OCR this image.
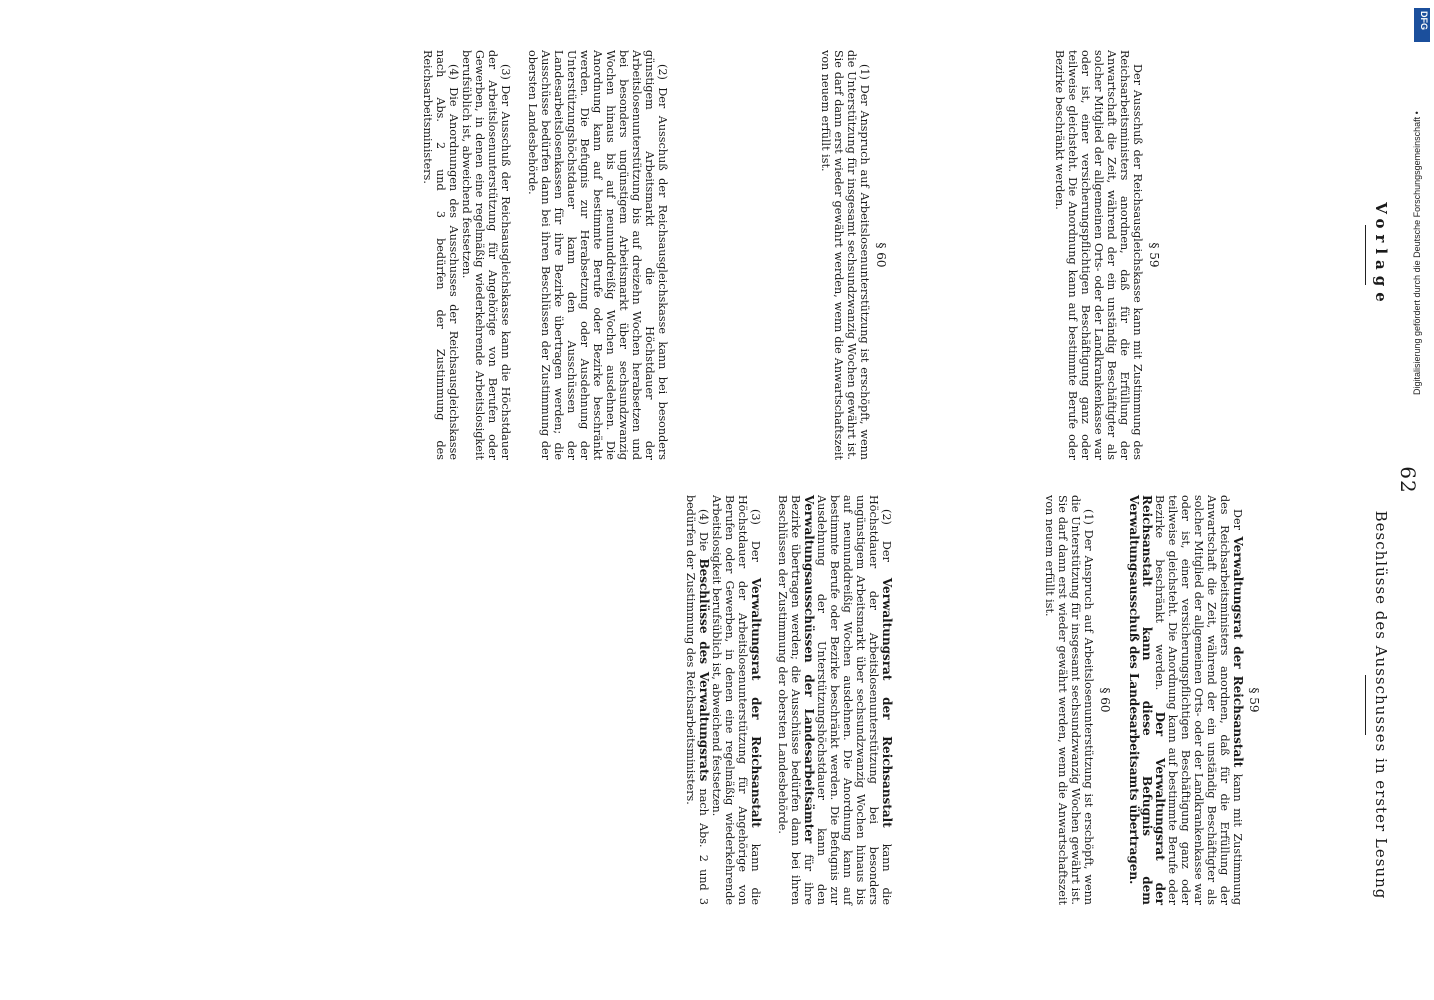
62
Vorlage
Beschlüsse des Ausschusses in erster Lesung

§ 59

Der Ausschuß der Reichsausgleichskasse kann mit Zustimmung des Reichsarbeitsministers anordnen, daß für die Erfüllung der Anwartschaft die Zeit, während der ein unständig Beschäftigter als solcher Mitglied der allgemeinen Orts- oder der Landkrankenkasse war oder ist, einer versicherungspflichtigen Beschäftigung ganz oder teilweise gleichsteht. Die Anordnung kann auf bestimmte Berufe oder Bezirke beschränkt werden.

§ 60

(1) Der Anspruch auf Arbeitslosenunterstützung ist erschöpft, wenn die Unterstützung für insgesamt sechsundzwanzig Wochen gewährt ist. Sie darf dann erst wieder gewährt werden, wenn die Anwartschaftszeit von neuem erfüllt ist.

(2) Der Ausschuß der Reichsausgleichskasse kann bei besonders günstigem Arbeitsmarkt die Höchstdauer der Arbeitslosenunterstützung bis auf dreizehn Wochen herabsetzen und bei besonders ungünstigem Arbeitsmarkt über sechsundzwanzig Wochen hinaus bis auf neununddreißig Wochen ausdehnen. Die Anordnung kann auf bestimmte Berufe oder Bezirke beschränkt werden. Die Befugnis zur Herabsetzung oder Ausdehnung der Unterstützungshöchstdauer kann den Ausschüssen der Landesarbeitslosenkassen für ihre Bezirke übertragen werden; die Ausschüsse bedürfen dann bei ihren Beschlüssen der Zustimmung der obersten Landesbehörde.

(3) Der Ausschuß der Reichsausgleichskasse kann die Höchstdauer der Arbeitslosenunterstützung für Angehörige von Berufen oder Gewerben, in denen eine regelmäßig wiederkehrende Arbeitslosigkeit berufsüblich ist, abweichend festsetzen.

(4) Die Anordnungen des Ausschusses der Reichsausgleichskasse nach Abs. 2 und 3 bedürfen der Zustimmung des Reichsarbeitsministers.

§ 59

Der Verwaltungsrat der Reichsanstalt kann mit Zustimmung des Reichsarbeitsministers anordnen, daß für die Erfüllung der Anwartschaft die Zeit, während der ein unständig Beschäftigter als solcher Mitglied der allgemeinen Orts- oder der Landkrankenkasse war oder ist, einer versicherungspflichtigen Beschäftigung ganz oder teilweise gleichsteht. Die Anordnung kann auf bestimmte Berufe oder Bezirke beschränkt werden. Der Verwaltungsrat der Reichsanstalt kann diese Befugnis dem Verwaltungsausschuß des Landesarbeitsamts übertragen.

§ 60

(1) Der Anspruch auf Arbeitslosenunterstützung ist erschöpft, wenn die Unterstützung für insgesamt sechsundzwanzig Wochen gewährt ist. Sie darf dann erst wieder gewährt werden, wenn die Anwartschaftszeit von neuem erfüllt ist.

(2) Der Verwaltungsrat der Reichsanstalt kann die Höchstdauer der Arbeitslosenunterstützung bei besonders ungünstigem Arbeitsmarkt über sechsundzwanzig Wochen hinaus bis auf neununddreißig Wochen ausdehnen. Die Anordnung kann auf bestimmte Berufe oder Bezirke beschränkt werden. Die Befugnis zur Ausdehnung der Unterstützungshöchstdauer kann den Verwaltungsausschüssen der Landesarbeitsämter für ihre Bezirke übertragen werden; die Ausschüsse bedürfen dann bei ihren Beschlüssen der Zustimmung der obersten Landesbehörde.

(3) Der Verwaltungsrat der Reichsanstalt kann die Höchstdauer der Arbeitslosenunterstützung für Angehörige von Berufen oder Gewerben, in denen eine regelmäßig wiederkehrende Arbeitslosigkeit berufsüblich ist, abweichend festsetzen.

(4) Die Beschlüsse des Verwaltungsrats nach Abs. 2 und 3 bedürfen der Zustimmung des Reichsarbeitsministers.

DFG
Digitalisierung gefördert durch die Deutsche Forschungsgemeinschaft •
